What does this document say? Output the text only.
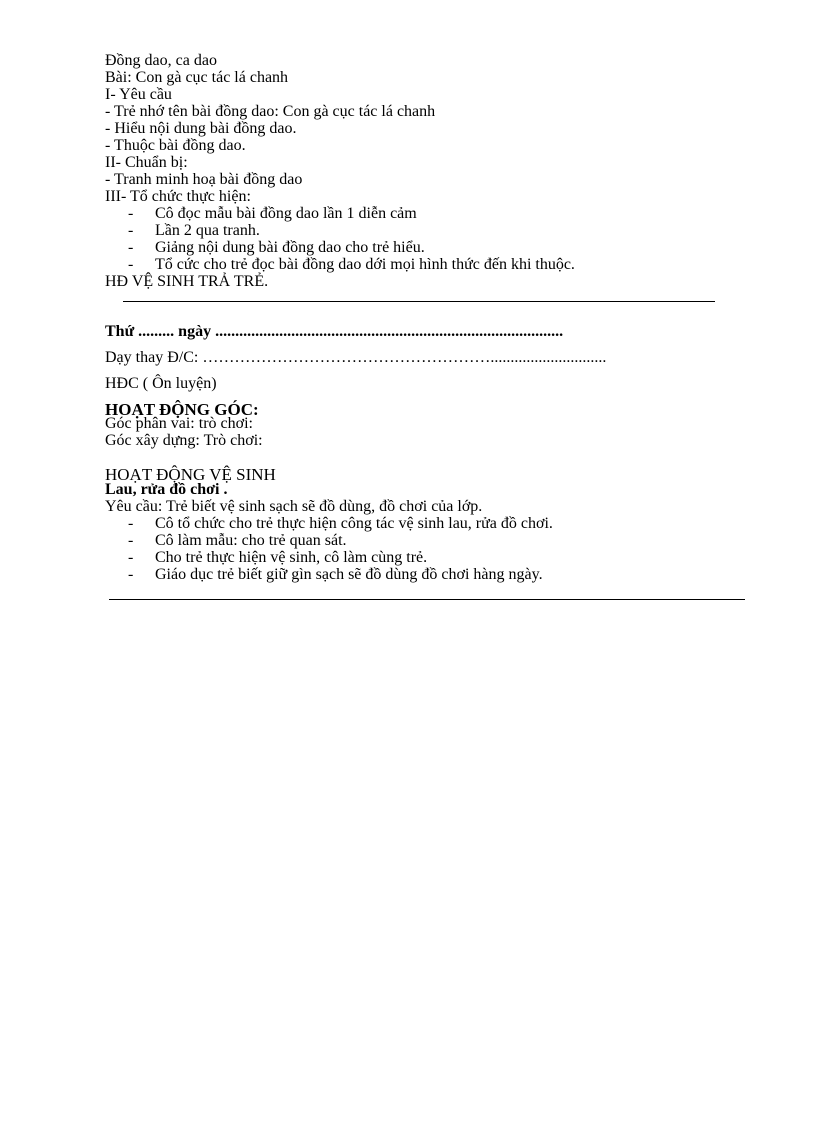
Đồng dao, ca dao
Bài: Con gà cục tác lá chanh
I- Yêu cầu
- Trẻ nhớ tên bài đồng dao: Con gà cục tác lá chanh
- Hiểu nội dung bài đồng dao.
- Thuộc bài đồng dao.
II- Chuẩn bị:
- Tranh minh hoạ bài đồng dao
III- Tổ chức thực hiện:
- Cô đọc mẫu bài đồng dao lần 1 diễn cảm
- Lần 2 qua tranh.
- Giảng nội dung bài đồng dao cho trẻ hiểu.
- Tổ cức cho trẻ đọc bài đồng dao dới mọi hình thức đến khi thuộc.
HĐ VỆ SINH TRẢ TRẺ.
Thứ ......... ngày .......................................................................................
Dạy thay Đ/C: ……………………………………………….............................
HĐC ( Ôn luyện)
HOẠT ĐỘNG GÓC:
Góc phân vai: trò chơi:
Góc xây dựng: Trò chơi:
HOẠT ĐỘNG VỆ SINH
Lau, rửa đồ chơi .
Yêu cầu: Trẻ biết vệ sinh sạch sẽ đồ dùng, đồ chơi của lớp.
- Cô tổ chức cho trẻ thực hiện công tác vệ sinh lau, rửa đồ chơi.
- Cô làm mẫu: cho trẻ quan sát.
- Cho trẻ thực hiện vệ sinh, cô làm cùng trẻ.
- Giáo dục trẻ biết giữ gìn sạch sẽ đồ dùng đồ chơi hàng ngày.
